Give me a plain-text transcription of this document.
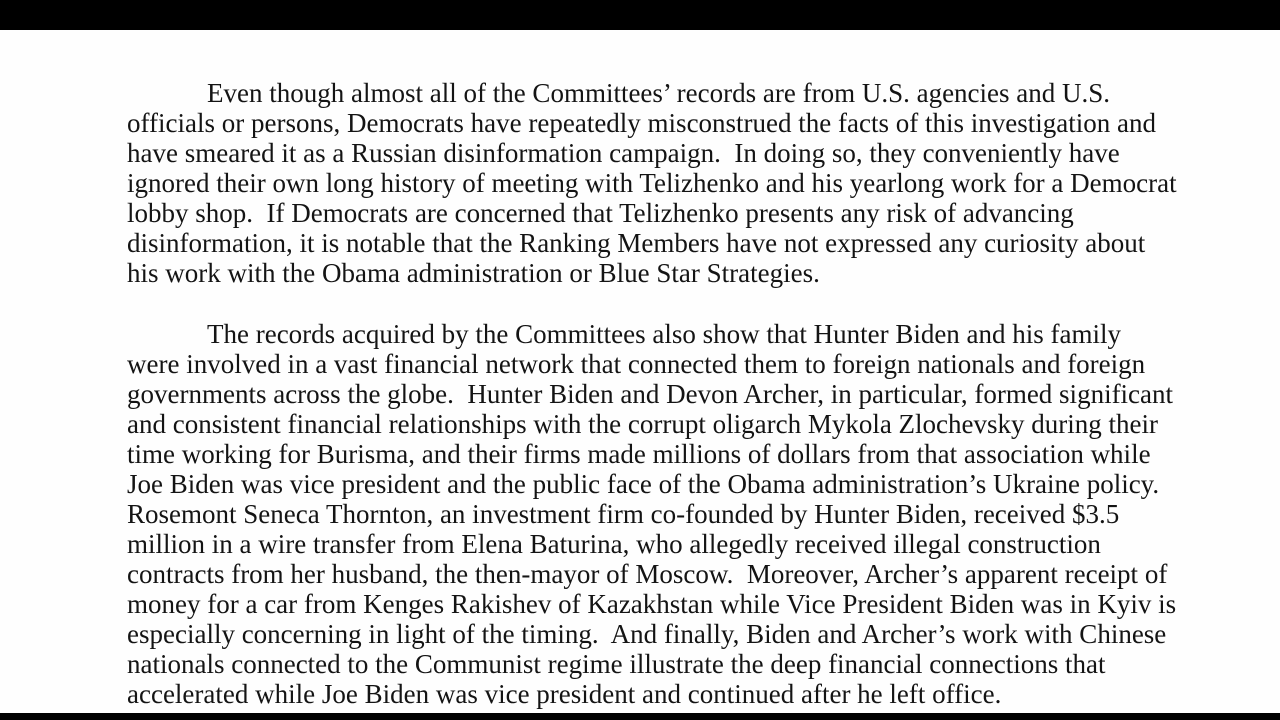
Even though almost all of the Committees’ records are from U.S. agencies and U.S.
officials or persons, Democrats have repeatedly misconstrued the facts of this investigation and
have smeared it as a Russian disinformation campaign.  In doing so, they conveniently have
ignored their own long history of meeting with Telizhenko and his yearlong work for a Democrat
lobby shop.  If Democrats are concerned that Telizhenko presents any risk of advancing
disinformation, it is notable that the Ranking Members have not expressed any curiosity about
his work with the Obama administration or Blue Star Strategies.
The records acquired by the Committees also show that Hunter Biden and his family
were involved in a vast financial network that connected them to foreign nationals and foreign
governments across the globe.  Hunter Biden and Devon Archer, in particular, formed significant
and consistent financial relationships with the corrupt oligarch Mykola Zlochevsky during their
time working for Burisma, and their firms made millions of dollars from that association while
Joe Biden was vice president and the public face of the Obama administration’s Ukraine policy.
Rosemont Seneca Thornton, an investment firm co-founded by Hunter Biden, received $3.5
million in a wire transfer from Elena Baturina, who allegedly received illegal construction
contracts from her husband, the then-mayor of Moscow.  Moreover, Archer’s apparent receipt of
money for a car from Kenges Rakishev of Kazakhstan while Vice President Biden was in Kyiv is
especially concerning in light of the timing.  And finally, Biden and Archer’s work with Chinese
nationals connected to the Communist regime illustrate the deep financial connections that
accelerated while Joe Biden was vice president and continued after he left office.
